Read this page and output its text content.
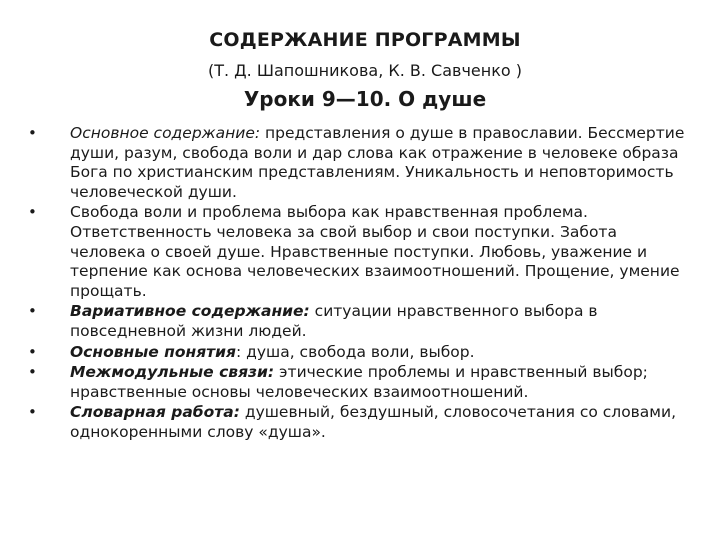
СОДЕРЖАНИЕ ПРОГРАММЫ
(Т. Д. Шапошникова, К. В. Савченко )
Уроки 9—10. О душе
• Основное содержание: представления о душе в православии. Бессмертие души, разум, свобода воли и дар слова как отражение в человеке образа Бога по христианским представлениям. Уникальность и неповторимость человеческой души.
• Свобода воли и проблема выбора как нравственная проблема. Ответственность человека за свой выбор и свои поступки. Забота человека о своей душе. Нравственные поступки. Любовь, уважение и терпение как основа человеческих взаимоотношений. Прощение, умение прощать.
• Вариативное содержание: ситуации нравственного выбора в повседневной жизни людей.
• Основные понятия: душа, свобода воли, выбор.
• Межмодульные связи: этические проблемы и нравственный выбор; нравственные основы человеческих взаимоотношений.
• Словарная работа: душевный, бездушный, словосочетания со словами, однокоренными слову «душа».
